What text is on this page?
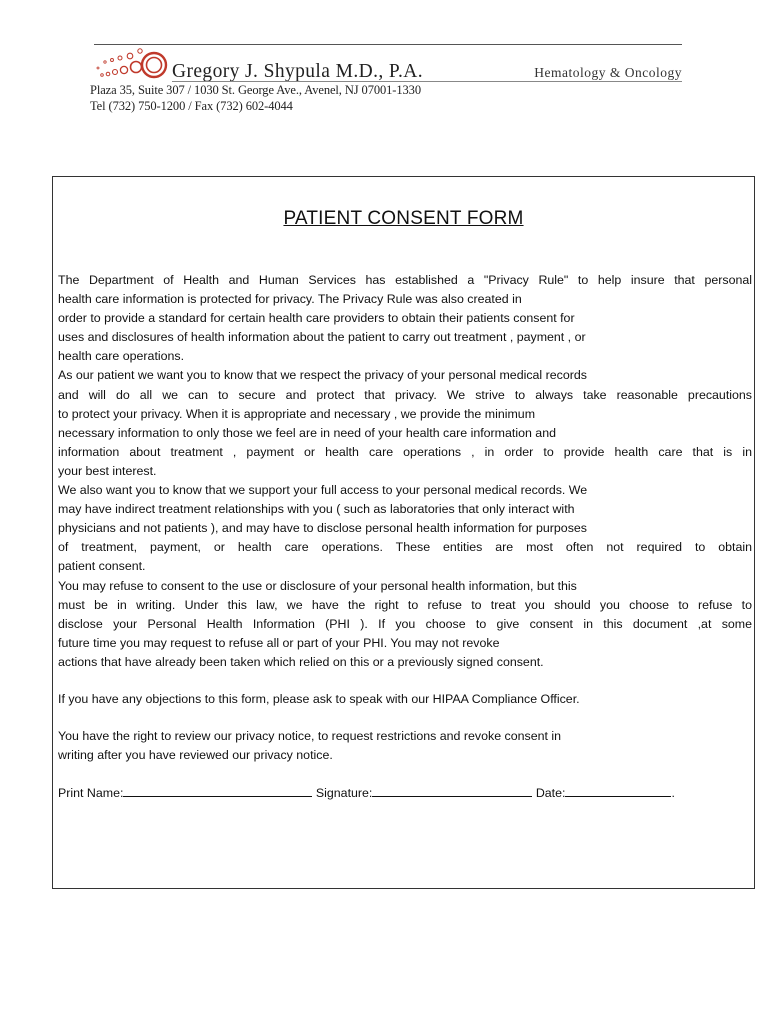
Gregory J. Shypula M.D., P.A.	Hematology & Oncology
Plaza 35, Suite 307 / 1030 St. George Ave., Avenel, NJ 07001-1330
Tel (732) 750-1200 / Fax (732) 602-4044
PATIENT CONSENT FORM
The Department of Health and Human Services has established a "Privacy Rule" to help insure that personal
health care information is protected for privacy. The Privacy Rule was also created in
order to provide a standard for certain health care providers to obtain their patients consent for
uses and disclosures of health information about the patient to carry out treatment , payment , or
health care operations.
As our patient we want you to know that we respect the privacy of your personal medical records
and will do all we can to secure and protect that privacy. We strive to always take reasonable precautions
to protect your privacy. When it is appropriate and necessary , we provide the minimum
necessary information to only those we feel are in need of your health care information and
information about treatment , payment or health care operations , in order to provide health care that is in
your best interest.
We also want you to know that we support your full access to your personal medical records. We
may have indirect treatment relationships with you ( such as laboratories that only interact with
physicians and not patients ), and may have to disclose personal health information for purposes
of treatment, payment, or health care operations. These entities are most often not required to obtain
patient consent.
You may refuse to consent to the use or disclosure of your personal health information, but this
must be in writing. Under this law, we have the right to refuse to treat you should you choose to refuse to
disclose your Personal Health Information (PHI ). If you choose to give consent in this document ,at some
future time you may request to refuse all or part of your PHI. You may not revoke
actions that have already been taken which relied on this or a previously signed consent.
If you have any objections to this form, please ask to speak with our HIPAA Compliance Officer.
You have the right to review our privacy notice, to request restrictions and revoke consent in
writing after you have reviewed our privacy notice.
Print Name:	Signature:	Date:	.
